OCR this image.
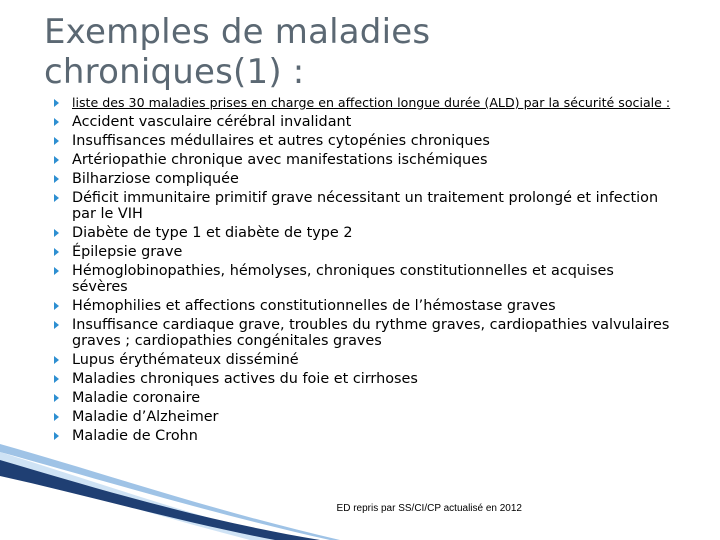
Exemples de maladies chroniques(1) :
liste des 30 maladies prises en charge en affection longue durée (ALD) par la sécurité sociale :
Accident vasculaire cérébral invalidant
Insuffisances médullaires et autres cytopénies chroniques
Artériopathie chronique avec manifestations ischémiques
Bilharziose compliquée
Déficit immunitaire primitif grave nécessitant un traitement prolongé et infection par le VIH
Diabète de type 1 et diabète de type 2
Épilepsie grave
Hémoglobinopathies, hémolyses, chroniques constitutionnelles et acquises sévères
Hémophilies et affections constitutionnelles de l’hémostase graves
Insuffisance cardiaque grave, troubles du rythme graves, cardiopathies valvulaires graves ; cardiopathies congénitales graves
Lupus érythémateux disséminé
Maladies chroniques actives du foie et cirrhoses
Maladie coronaire
Maladie d’Alzheimer
Maladie de Crohn
ED repris par SS/CI/CP actualisé en 2012
